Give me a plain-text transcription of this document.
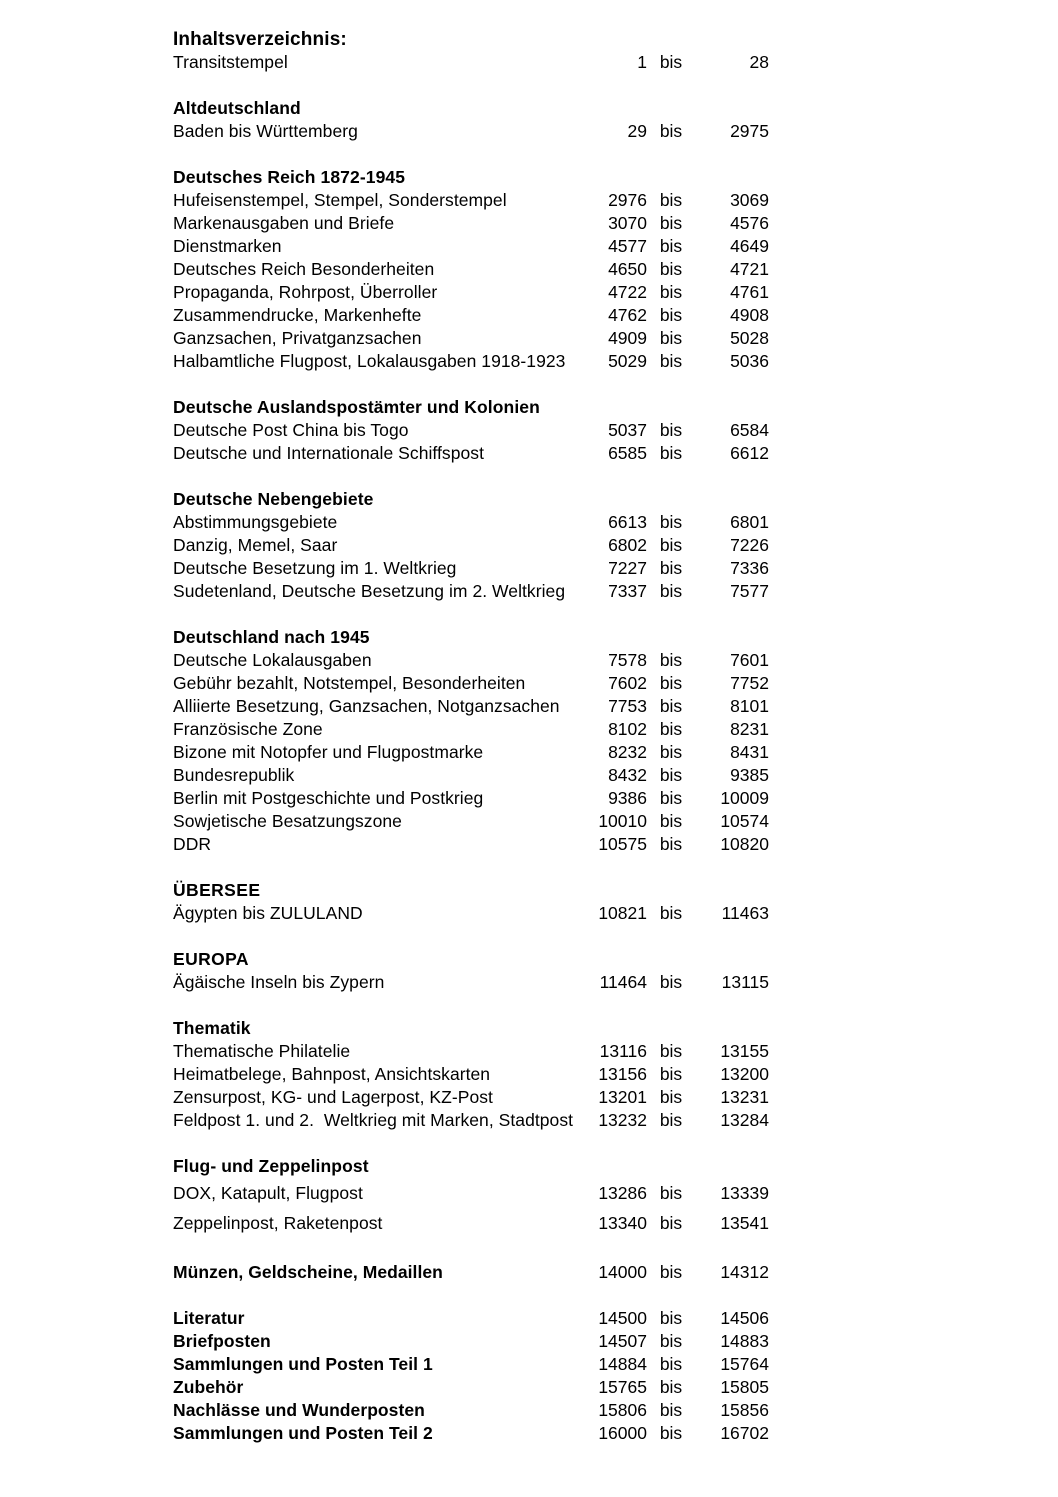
Inhaltsverzeichnis:
Transitstempel	1 bis	28
Altdeutschland
Baden bis Württemberg	29 bis	2975
Deutsches Reich 1872-1945
Hufeisenstempel, Stempel, Sonderstempel	2976 bis	3069
Markenausgaben und Briefe	3070 bis	4576
Dienstmarken	4577 bis	4649
Deutsches Reich Besonderheiten	4650 bis	4721
Propaganda, Rohrpost, Überroller	4722 bis	4761
Zusammendrucke, Markenhefte	4762 bis	4908
Ganzsachen, Privatganzsachen	4909 bis	5028
Halbamtliche Flugpost, Lokalausgaben 1918-1923	5029 bis	5036
Deutsche Auslandspostämter und Kolonien
Deutsche Post China bis Togo	5037 bis	6584
Deutsche und Internationale Schiffspost	6585 bis	6612
Deutsche Nebengebiete
Abstimmungsgebiete	6613 bis	6801
Danzig, Memel, Saar	6802 bis	7226
Deutsche Besetzung im 1. Weltkrieg	7227 bis	7336
Sudetenland, Deutsche Besetzung im 2. Weltkrieg	7337 bis	7577
Deutschland nach 1945
Deutsche Lokalausgaben	7578 bis	7601
Gebühr bezahlt, Notstempel, Besonderheiten	7602 bis	7752
Alliierte Besetzung, Ganzsachen, Notganzsachen	7753 bis	8101
Französische Zone	8102 bis	8231
Bizone mit Notopfer und Flugpostmarke	8232 bis	8431
Bundesrepublik	8432 bis	9385
Berlin mit Postgeschichte und Postkrieg	9386 bis	10009
Sowjetische Besatzungszone	10010 bis	10574
DDR	10575 bis	10820
ÜBERSEE
Ägypten bis ZULULAND	10821 bis	11463
EUROPA
Ägäische Inseln bis Zypern	11464 bis	13115
Thematik
Thematische Philatelie	13116 bis	13155
Heimatbelege, Bahnpost, Ansichtskarten	13156 bis	13200
Zensurpost, KG- und Lagerpost, KZ-Post	13201 bis	13231
Feldpost 1. und 2.  Weltkrieg mit Marken, Stadtpost	13232 bis	13284
Flug- und Zeppelinpost
DOX, Katapult, Flugpost	13286 bis	13339
Zeppelinpost, Raketenpost	13340 bis	13541
Münzen, Geldscheine, Medaillen	14000 bis	14312
Literatur	14500 bis	14506
Briefposten	14507 bis	14883
Sammlungen und Posten Teil 1	14884 bis	15764
Zubehör	15765 bis	15805
Nachlässe und Wunderposten	15806 bis	15856
Sammlungen und Posten Teil 2	16000 bis	16702
